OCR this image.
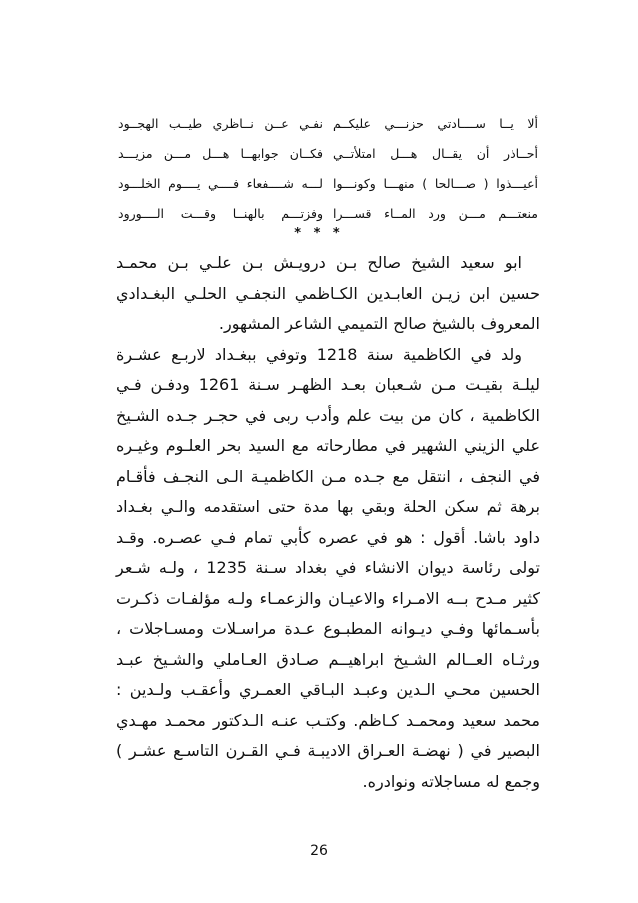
ألا يــا ســــادتي حزنـــي عليكــم
نفـي عــن نــاظري طيــب الهجــود
أحــاذر أن يقــال هـــل امتلأتــي
فكــان جوابهــا هـــل مـــن مزيـــد
أعيـــذوا ( صـــالحا ) منهـــا وكونـــوا
لـــه شــــفعاء فــــي يــــوم الخلـــود
منعتـــم مـــن ورد المــاء قســـرا
وفزتـــم بالهنــا وقـــت الــــورود
* * *
ابو سعيد الشيخ صالح بـن درويـش بـن علـي بـن محمـد
حسين ابن زيـن العابـدين الكـاظمي النجفـي الحلـي البغـدادي
المعروف بالشيخ صالح التميمي الشاعر المشهور.
ولد في الكاظمية سنة 1218 وتوفي ببغـداد لاربـع عشـرة
ليلـة بقيـت مـن شـعبان بعـد الظهـر سـنة 1261 ودفـن فـي
الكاظمية ، كان من بيت علم وأدب ربى في حجـر جـده الشـيخ
علي الزيني الشهير في مطارحاته مع السيد بحر العلـوم وغيـره
في النجف ، انتقل مع جـده مـن الكاظميـة الـى النجـف فأقـام
برهة ثم سكن الحلة وبقي بها مدة حتى استقدمه والـي بغـداد
داود باشا. أقول : هو في عصره كأبي تمام فـي عصـره. وقـد
تولى رئاسة ديوان الانشاء في بغداد سـنة 1235 ، ولـه شـعر
كثير مـدح بــه الامـراء والاعيـان والزعمـاء ولـه مؤلفـات ذكـرت
بأسـمائها وفـي ديـوانه المطبـوع عـدة مراسـلات ومسـاجلات ،
ورثـاه العــالم الشـيخ ابراهيــم صـادق العـاملي والشـيخ عبـد
الحسين محـي الـدين وعبـد البـاقي العمـري وأعقـب ولـدين :
محمد سعيد ومحمـد كـاظم. وكتـب عنـه الـدكتور محمـد مهـدي
البصير في ( نهضـة العـراق الاديبـة فـي القـرن التاسـع عشـر )
وجمع له مساجلاته ونوادره.
26
